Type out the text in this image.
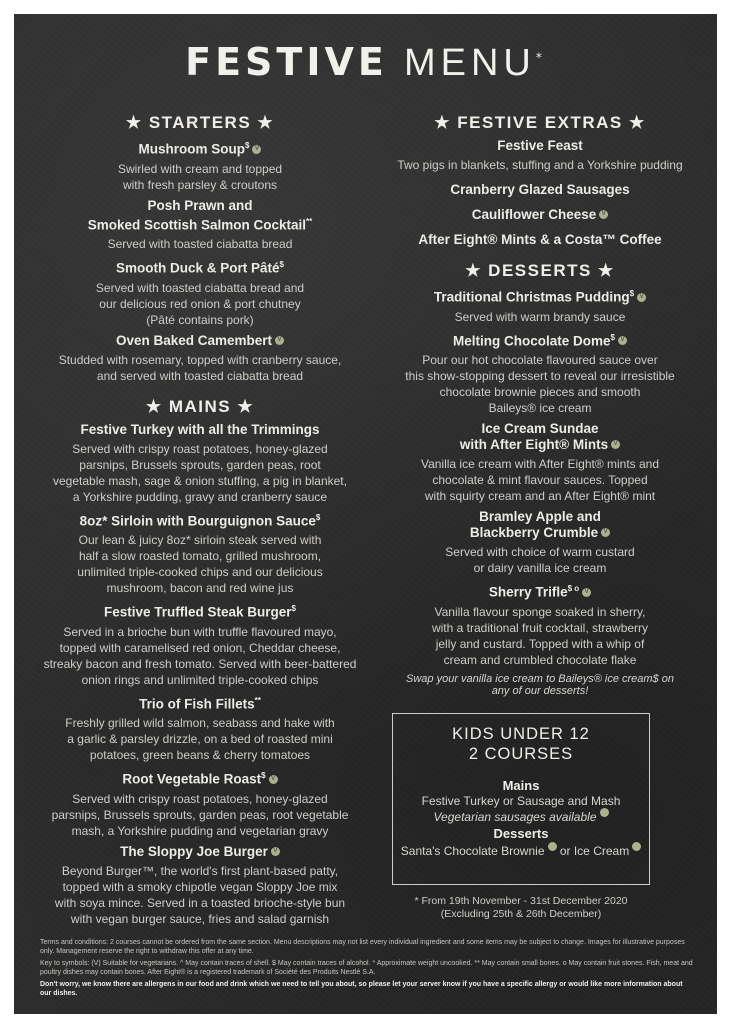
FESTIVE MENU*
★ STARTERS ★
Mushroom Soup$ V
Swirled with cream and topped
with fresh parsley & croutons
Posh Prawn and
Smoked Scottish Salmon Cocktail**
Served with toasted ciabatta bread
Smooth Duck & Port Pâté$
Served with toasted ciabatta bread and
our delicious red onion & port chutney
(Pâté contains pork)
Oven Baked Camembert V
Studded with rosemary, topped with cranberry sauce,
and served with toasted ciabatta bread
★ MAINS ★
Festive Turkey with all the Trimmings
Served with crispy roast potatoes, honey-glazed
parsnips, Brussels sprouts, garden peas, root
vegetable mash, sage & onion stuffing, a pig in blanket,
a Yorkshire pudding, gravy and cranberry sauce
8oz* Sirloin with Bourguignon Sauce$
Our lean & juicy 8oz* sirloin steak served with
half a slow roasted tomato, grilled mushroom,
unlimited triple-cooked chips and our delicious
mushroom, bacon and red wine jus
Festive Truffled Steak Burger$
Served in a brioche bun with truffle flavoured mayo,
topped with caramelised red onion, Cheddar cheese,
streaky bacon and fresh tomato. Served with beer-battered
onion rings and unlimited triple-cooked chips
Trio of Fish Fillets**
Freshly grilled wild salmon, seabass and hake with
a garlic & parsley drizzle, on a bed of roasted mini
potatoes, green beans & cherry tomatoes
Root Vegetable Roast$ V
Served with crispy roast potatoes, honey-glazed
parsnips, Brussels sprouts, garden peas, root vegetable
mash, a Yorkshire pudding and vegetarian gravy
The Sloppy Joe Burger V
Beyond Burger™, the world's first plant-based patty,
topped with a smoky chipotle vegan Sloppy Joe mix
with soya mince. Served in a toasted brioche-style bun
with vegan burger sauce, fries and salad garnish
★ FESTIVE EXTRAS ★
Festive Feast
Two pigs in blankets, stuffing and a Yorkshire pudding
Cranberry Glazed Sausages
Cauliflower Cheese V
After Eight® Mints & a Costa™ Coffee
★ DESSERTS ★
Traditional Christmas Pudding$ V
Served with warm brandy sauce
Melting Chocolate Dome$ V
Pour our hot chocolate flavoured sauce over
this show-stopping dessert to reveal our irresistible
chocolate brownie pieces and smooth
Baileys® ice cream
Ice Cream Sundae
with After Eight® Mints V
Vanilla ice cream with After Eight® mints and
chocolate & mint flavour sauces. Topped
with squirty cream and an After Eight® mint
Bramley Apple and
Blackberry Crumble V
Served with choice of warm custard
or dairy vanilla ice cream
Sherry Trifle$^{\$ o}$ V
Vanilla flavour sponge soaked in sherry,
with a traditional fruit cocktail, strawberry
jelly and custard. Topped with a whip of
cream and crumbled chocolate flake
Swap your vanilla ice cream to Baileys® ice cream$ on
any of our desserts!
KIDS UNDER 12
2 COURSES
Mains
Festive Turkey or Sausage and Mash
Vegetarian sausages available
Desserts
Santa's Chocolate Brownie or Ice Cream
* From 19th November - 31st December 2020
(Excluding 25th & 26th December)

Terms and conditions: 2 courses cannot be ordered from the same section. Menu descriptions may not list every individual ingredient and some items may be subject to change. Images for illustrative purposes only. Management reserve the right to withdraw this offer at any time.

Key to symbols: (V) Suitable for vegetarians. ^ May contain traces of shell. $ May contain traces of alcohol. * Approximate weight uncooked. ** May contain small bones. o May contain fruit stones. Fish, meat and poultry dishes may contain bones. After Eight® is a registered trademark of Société des Produits Nestlé S.A.

Don't worry, we know there are allergens in our food and drink which we need to tell you about, so please let your server know if you have a specific allergy or would like more information about our dishes.
